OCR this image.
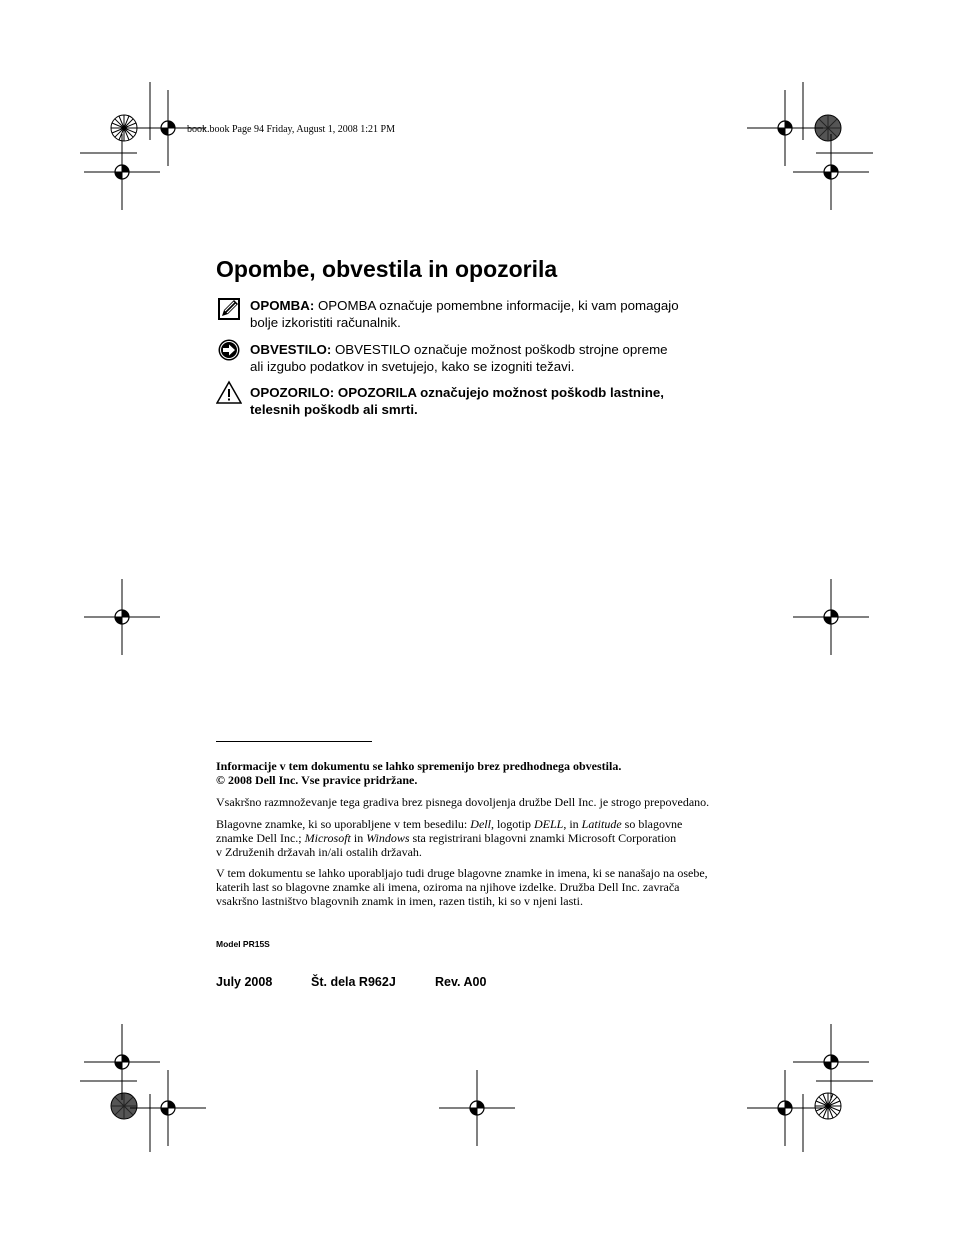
book.book Page 94 Friday, August 1, 2008 1:21 PM
Opombe, obvestila in opozorila
OPOMBA: OPOMBA označuje pomembne informacije, ki vam pomagajo
bolje izkoristiti računalnik.
OBVESTILO: OBVESTILO označuje možnost poškodb strojne opreme
ali izgubo podatkov in svetujejo, kako se izogniti težavi.
OPOZORILO: OPOZORILA označujejo možnost poškodb lastnine,
telesnih poškodb ali smrti.

Informacije v tem dokumentu se lahko spremenijo brez predhodnega obvestila.

© 2008 Dell Inc. Vse pravice pridržane.

Vsakršno razmnoževanje tega gradiva brez pisnega dovoljenja družbe Dell Inc. je strogo prepovedano.

Blagovne znamke, ki so uporabljene v tem besedilu: Dell, logotip DELL, in Latitude so blagovne

znamke Dell Inc.; Microsoft in Windows sta registrirani blagovni znamki Microsoft Corporation

v Združenih državah in/ali ostalih državah.

V tem dokumentu se lahko uporabljajo tudi druge blagovne znamke in imena, ki se nanašajo na osebe,

katerih last so blagovne znamke ali imena, oziroma na njihove izdelke. Družba Dell Inc. zavrača

vsakršno lastništvo blagovnih znamk in imen, razen tistih, ki so v njeni lasti.

Model PR15S
July 2008	Št. dela R962J	Rev. A00
